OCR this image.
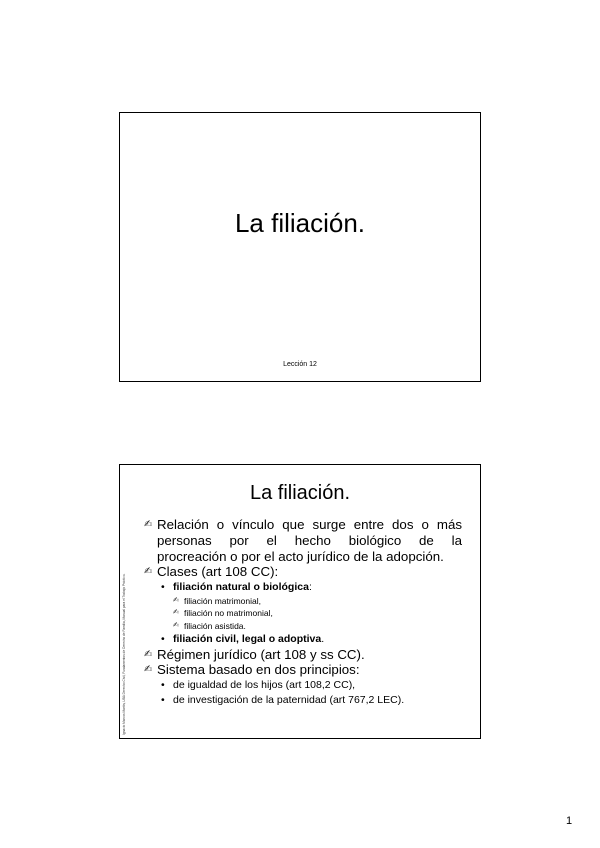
La filiación.
Lección 12
Ignacio Marcos Martín, UBA Derecho Civil, Fundamentos de Derecho de Familia, Manual para el Trabajo Práctico.
La filiación.
✍ Relación o vínculo que surge entre dos o más
personas por el hecho biológico de la
procreación o por el acto jurídico de la adopción.
✍ Clases (art 108 CC):
• filiación natural o biológica:
✍ filiación matrimonial,
✍ filiación no matrimonial,
✍ filiación asistida.
• filiación civil, legal o adoptiva.
✍ Régimen jurídico (art 108 y ss CC).
✍ Sistema basado en dos principios:
• de igualdad de los hijos (art 108,2 CC),
• de investigación de la paternidad (art 767,2 LEC).
1
